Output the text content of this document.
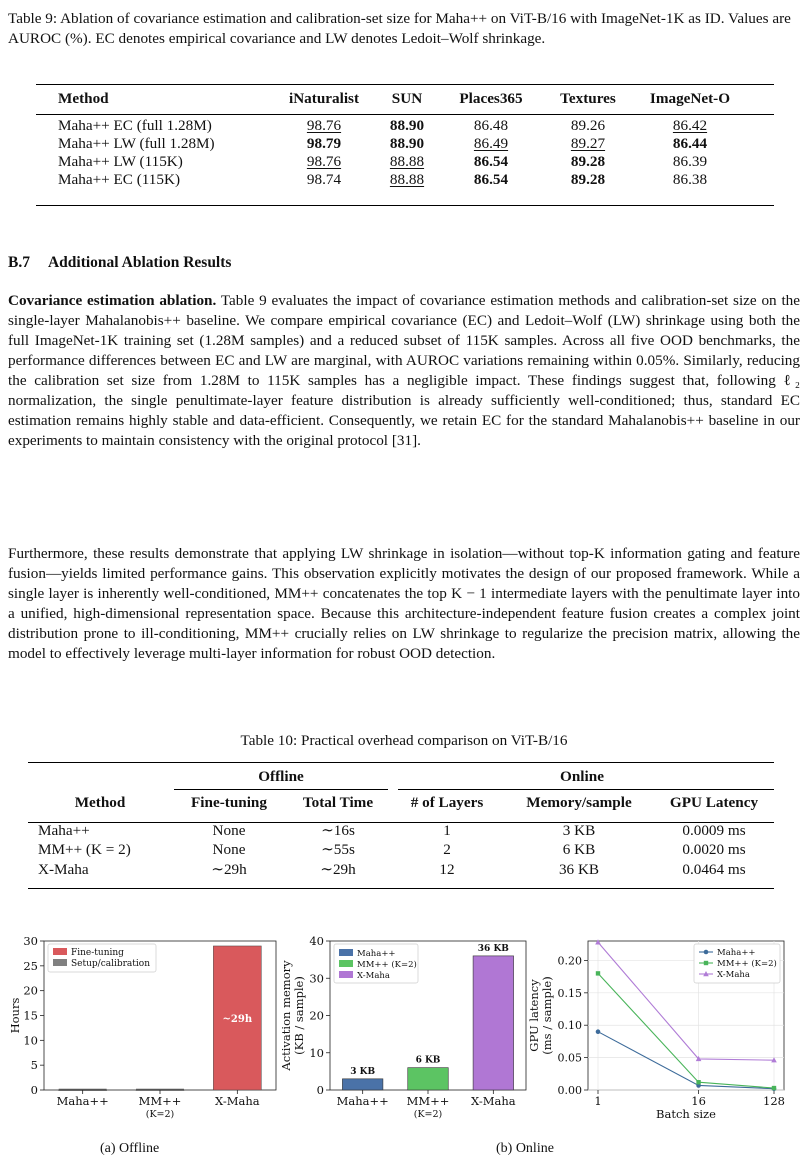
Table 9: Ablation of covariance estimation and calibration-set size for Maha++ on ViT-B/16 with ImageNet-1K as ID. Values are AUROC (%). EC denotes empirical covariance and LW denotes Ledoit–Wolf shrinkage.

Method	iNaturalist	SUN	Places365	Textures	ImageNet-O
Maha++ EC (full 1.28M)	98.76	88.90	86.48	89.26	86.42
Maha++ LW (full 1.28M)	98.79	88.90	86.49	89.27	86.44
Maha++ LW (115K)	98.76	88.88	86.54	89.28	86.39
Maha++ EC (115K)	98.74	88.88	86.54	89.28	86.38

B.7 Additional Ablation Results

Covariance estimation ablation. Table 9 evaluates the impact of covariance estimation methods and calibration-set size on the single-layer Mahalanobis++ baseline. We compare empirical covariance (EC) and Ledoit–Wolf (LW) shrinkage using both the full ImageNet-1K training set (1.28M samples) and a reduced subset of 115K samples. Across all five OOD benchmarks, the performance differences between EC and LW are marginal, with AUROC variations remaining within 0.05%. Similarly, reducing the calibration set size from 1.28M to 115K samples has a negligible impact. These findings suggest that, following ℓ₂ normalization, the single penultimate-layer feature distribution is already sufficiently well-conditioned; thus, standard EC estimation remains highly stable and data-efficient. Consequently, we retain EC for the standard Mahalanobis++ baseline in our experiments to maintain consistency with the original protocol [31].

Furthermore, these results demonstrate that applying LW shrinkage in isolation—without top-K information gating and feature fusion—yields limited performance gains. This observation explicitly motivates the design of our proposed framework. While a single layer is inherently well-conditioned, MM++ concatenates the top K − 1 intermediate layers with the penultimate layer into a unified, high-dimensional representation space. Because this architecture-independent feature fusion creates a complex joint distribution prone to ill-conditioning, MM++ crucially relies on LW shrinkage to regularize the precision matrix, allowing the model to effectively leverage multi-layer information for robust OOD detection.

Table 10: Practical overhead comparison on ViT-B/16

	Offline		Online		
Method	Fine-tuning	Total Time	# of Layers	Memory/sample	GPU Latency
Maha++	None	∼16s	1	3 KB	0.0009 ms
MM++ (K = 2)	None	∼55s	2	6 KB	0.0020 ms
X-Maha	∼29h	∼29h	12	36 KB	0.0464 ms
0
5
10
15
20
25
30
Hours
Maha++	MM++
(K=2)
X-Maha
~29h
Fine-tuning
Setup/calibration
0
10
20
30
40
Activation memory (KB / sample)
3 KB
Maha++
6 KB
MM++
(K=2)
36 KB
X-Maha
Maha++
MM++ (K=2)
X-Maha
0.00
0.05
0.10
0.15
0.20
1	16	128
Batch size
GPU latency (ms / sample)
Maha++
MM++ (K=2)
X-Maha
(a) Offline	(b) Online
